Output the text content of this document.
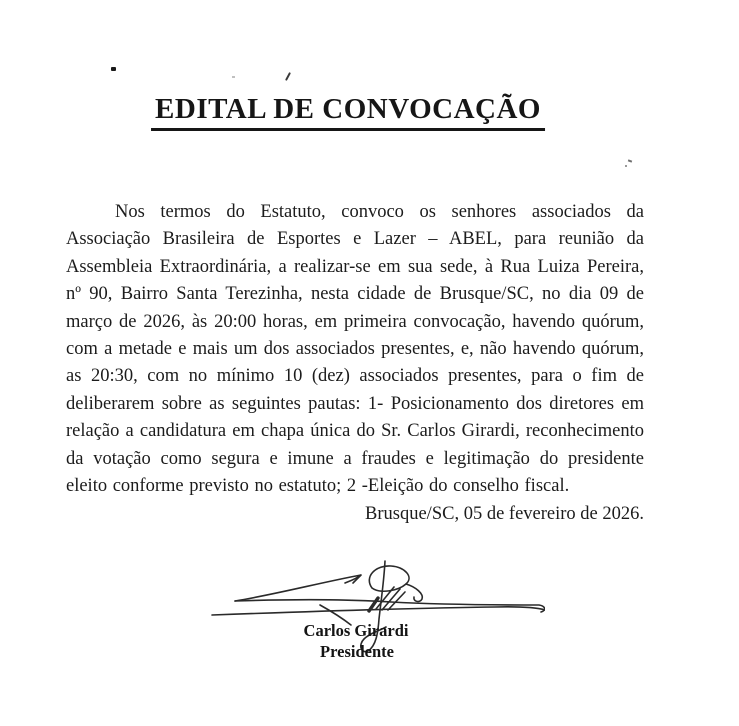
EDITAL DE CONVOCAÇÃO

Nos termos do Estatuto, convoco os senhores associados da Associação Brasileira de Esportes e Lazer – ABEL, para reunião da Assembleia Extraordinária, a realizar-se em sua sede, à Rua Luiza Pereira, nº 90, Bairro Santa Terezinha, nesta cidade de Brusque/SC, no dia 09 de março de 2026, às 20:00 horas, em primeira convocação, havendo quórum, com a metade e mais um dos associados presentes, e, não havendo quórum, as 20:30, com no mínimo 10 (dez) associados presentes, para o fim de deliberarem sobre as seguintes pautas: 1- Posicionamento dos diretores em relação a candidatura em chapa única do Sr. Carlos Girardi, reconhecimento da votação como segura e imune a fraudes e legitimação do presidente eleito conforme previsto no estatuto; 2 -Eleição do conselho fiscal.

Brusque/SC, 05 de fevereiro de 2026.

Carlos Girardi
Presidente
